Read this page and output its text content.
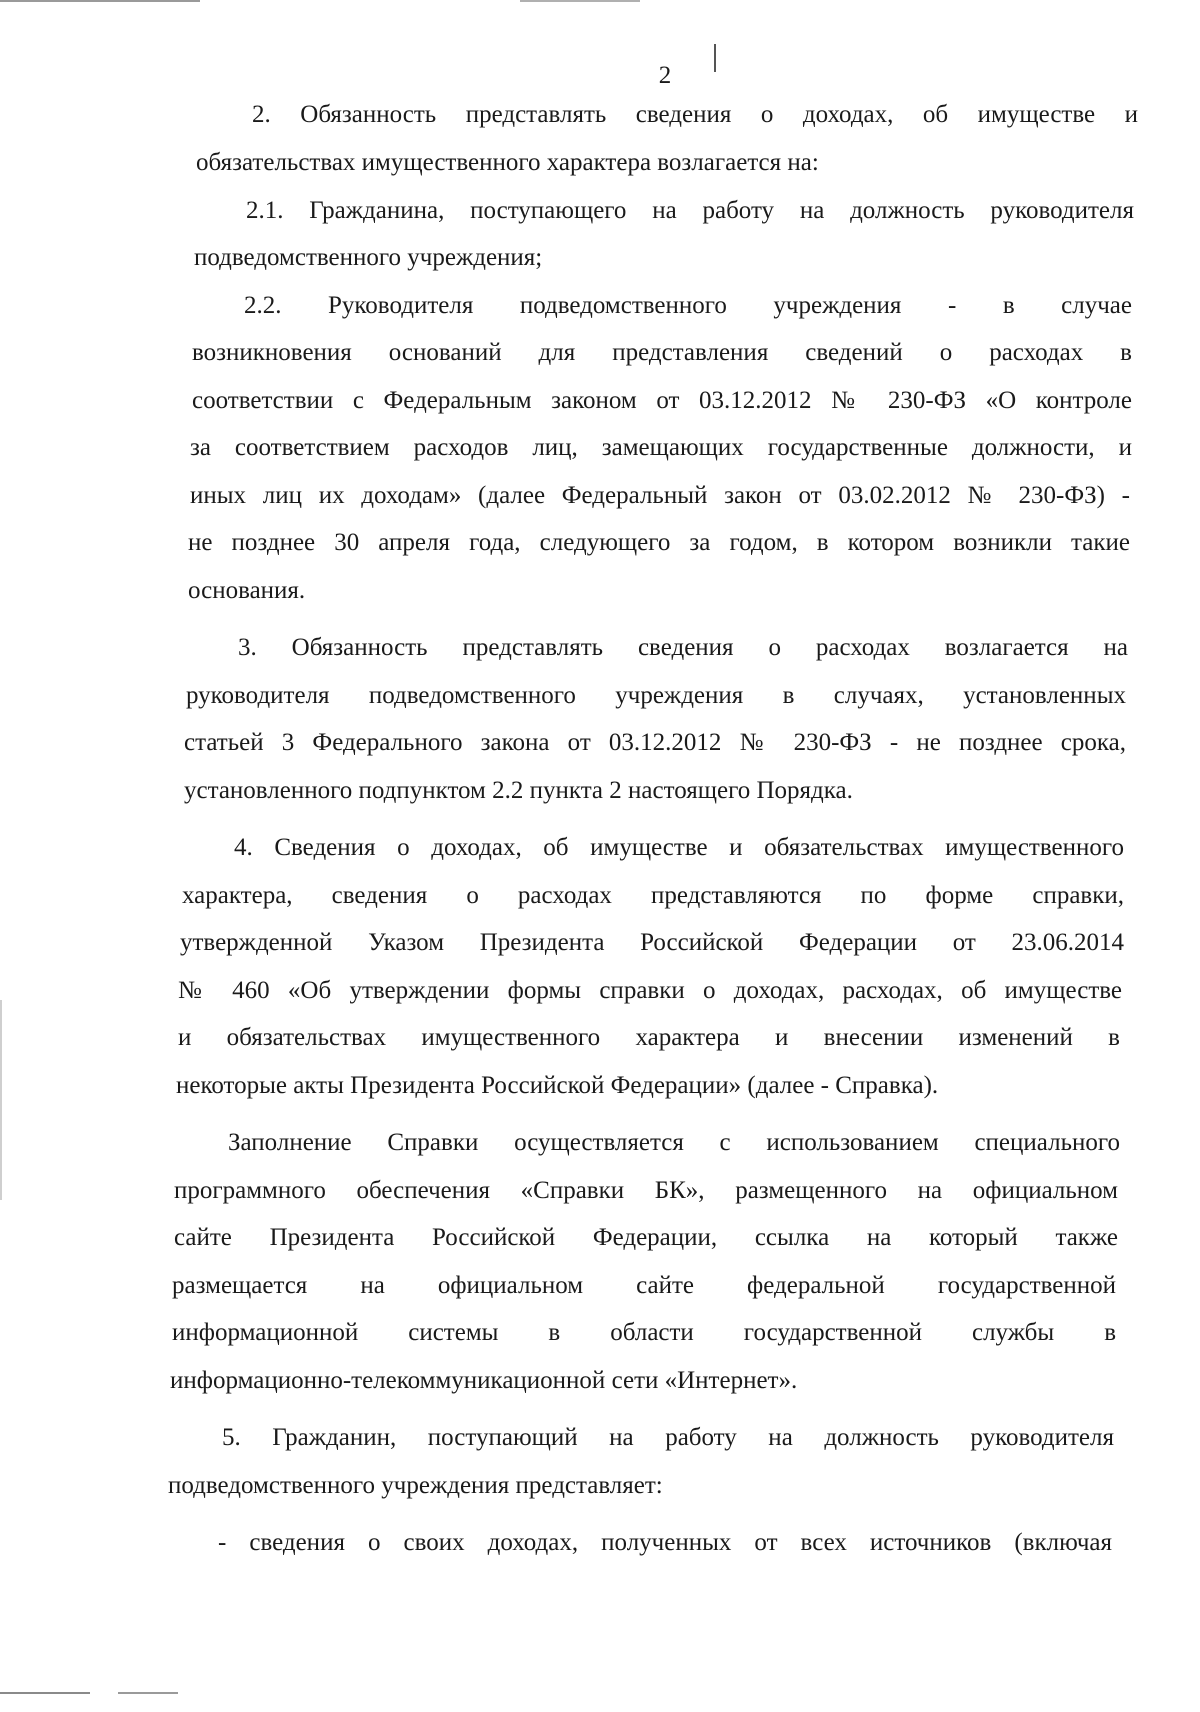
2
2. Обязанность представлять сведения о доходах, об имуществе и
обязательствах имущественного характера возлагается на:
2.1. Гражданина, поступающего на работу на должность руководителя
подведомственного учреждения;
2.2. Руководителя подведомственного учреждения - в случае
возникновения оснований для представления сведений о расходах в
соответствии с Федеральным законом от 03.12.2012 № 230-ФЗ «О контроле
за соответствием расходов лиц, замещающих государственные должности, и
иных лиц их доходам» (далее Федеральный закон от 03.02.2012 № 230-ФЗ) -
не позднее 30 апреля года, следующего за годом, в котором возникли такие
основания.
3. Обязанность представлять сведения о расходах возлагается на
руководителя подведомственного учреждения в случаях, установленных
статьей 3 Федерального закона от 03.12.2012 № 230-ФЗ - не позднее срока,
установленного подпунктом 2.2 пункта 2 настоящего Порядка.
4. Сведения о доходах, об имуществе и обязательствах имущественного
характера, сведения о расходах представляются по форме справки,
утвержденной Указом Президента Российской Федерации от 23.06.2014
№ 460 «Об утверждении формы справки о доходах, расходах, об имуществе
и обязательствах имущественного характера и внесении изменений в
некоторые акты Президента Российской Федерации» (далее - Справка).
Заполнение Справки осуществляется с использованием специального
программного обеспечения «Справки БК», размещенного на официальном
сайте Президента Российской Федерации, ссылка на который также
размещается на официальном сайте федеральной государственной
информационной системы в области государственной службы в
информационно-телекоммуникационной сети «Интернет».
5. Гражданин, поступающий на работу на должность руководителя
подведомственного учреждения представляет:
- сведения о своих доходах, полученных от всех источников (включая
